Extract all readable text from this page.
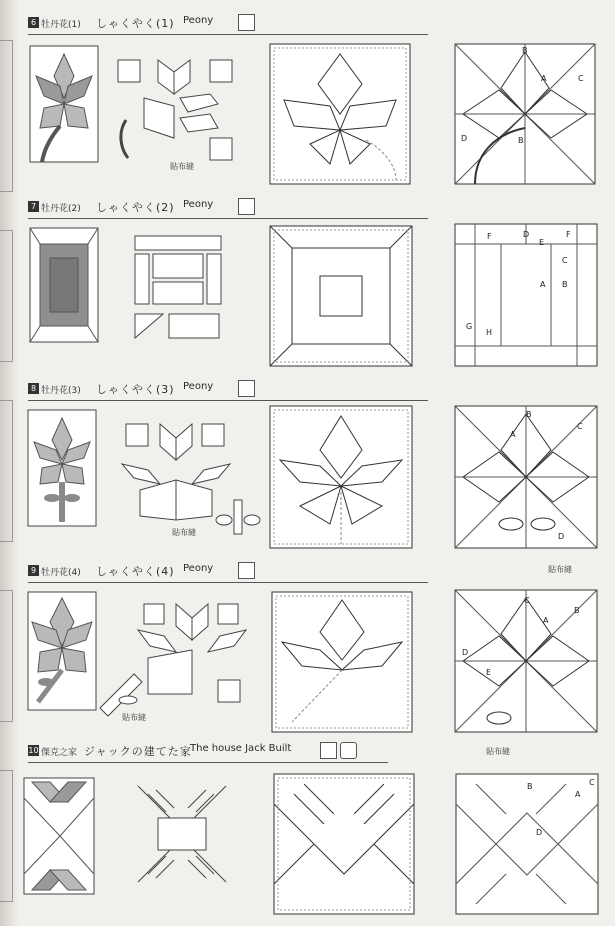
6 牡丹花(1) しゃくやく(1) Peony
貼布縫
B
A	C
D	B
7 牡丹花(2) しゃくやく(2) Peony
F	D
E
F
C
A B
G
H
8 牡丹花(3) しゃくやく(3) Peony
貼布縫
B
A
C
D
貼布縫
9 牡丹花(4) しゃくやく(4) Peony
貼布縫
C
A
B
D
E
貼布縫
10 傑克之家 ジャックの建てた家
The house Jack Built
B	C
A
D
